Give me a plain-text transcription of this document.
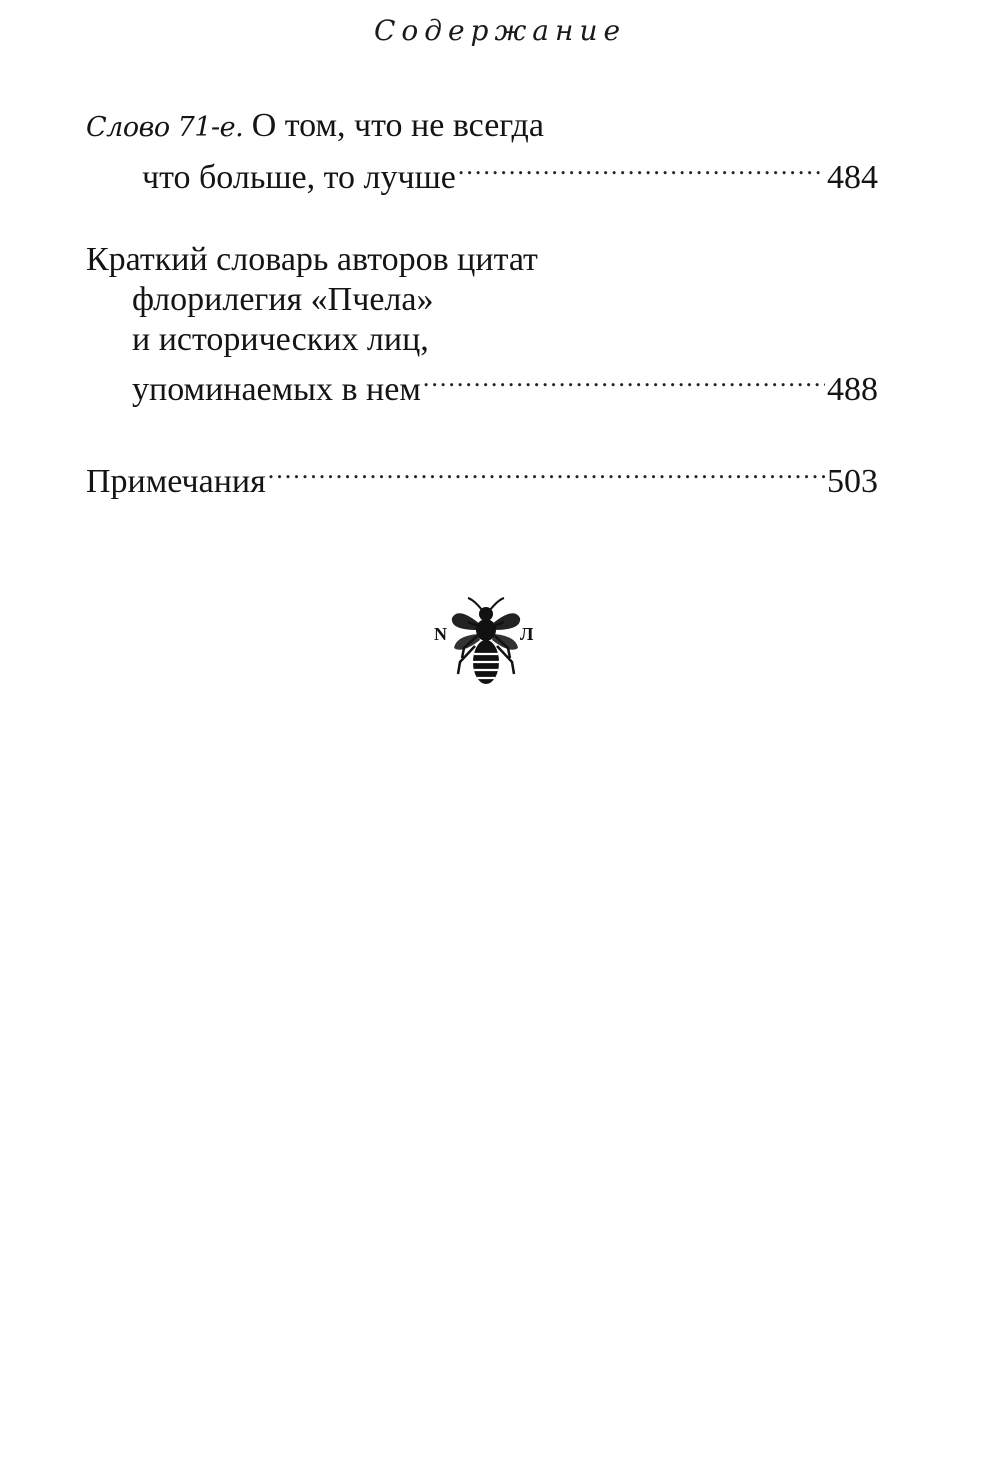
Содержание
Слово 71-е. О том, что не всегда
что больше, то лучше .....	484
Краткий словарь авторов цитат
флорилегия «Пчела»
и исторических лиц,
упоминаемых в нем .....	488
Примечания .....	503
N	Л
